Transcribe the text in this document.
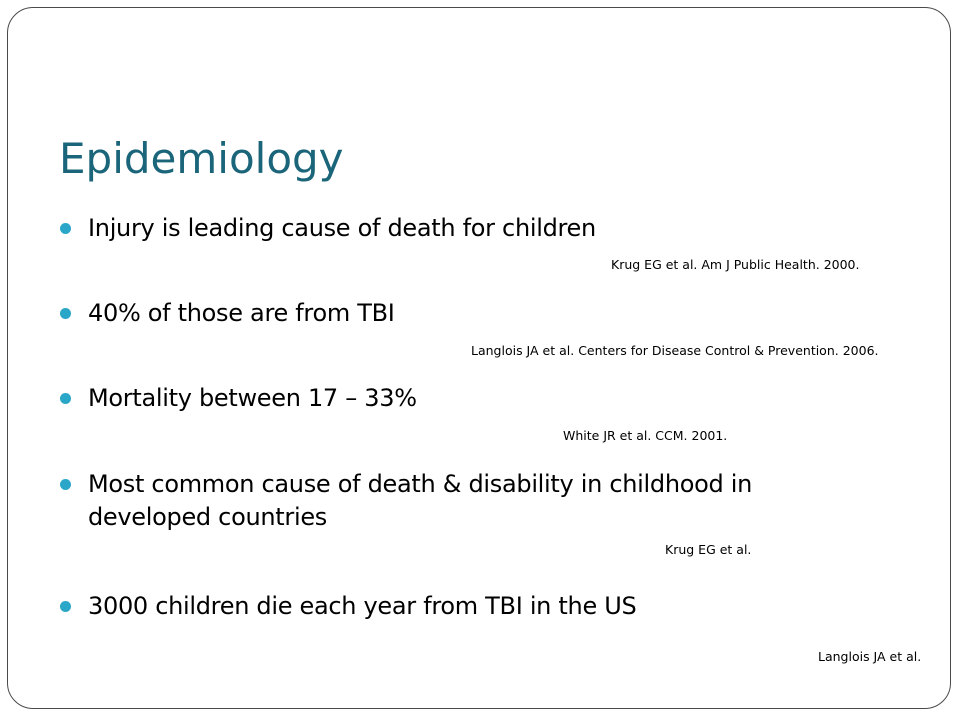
Epidemiology
Injury is leading cause of death for children
Krug EG et al. Am J Public Health. 2000.
40% of those are from TBI
Langlois JA et al. Centers for Disease Control & Prevention. 2006.
Mortality between 17 – 33%
White JR et al. CCM. 2001.
Most common cause of death & disability in childhood in developed countries
Krug EG et al.
3000 children die each year from TBI in the US
Langlois JA et al.
